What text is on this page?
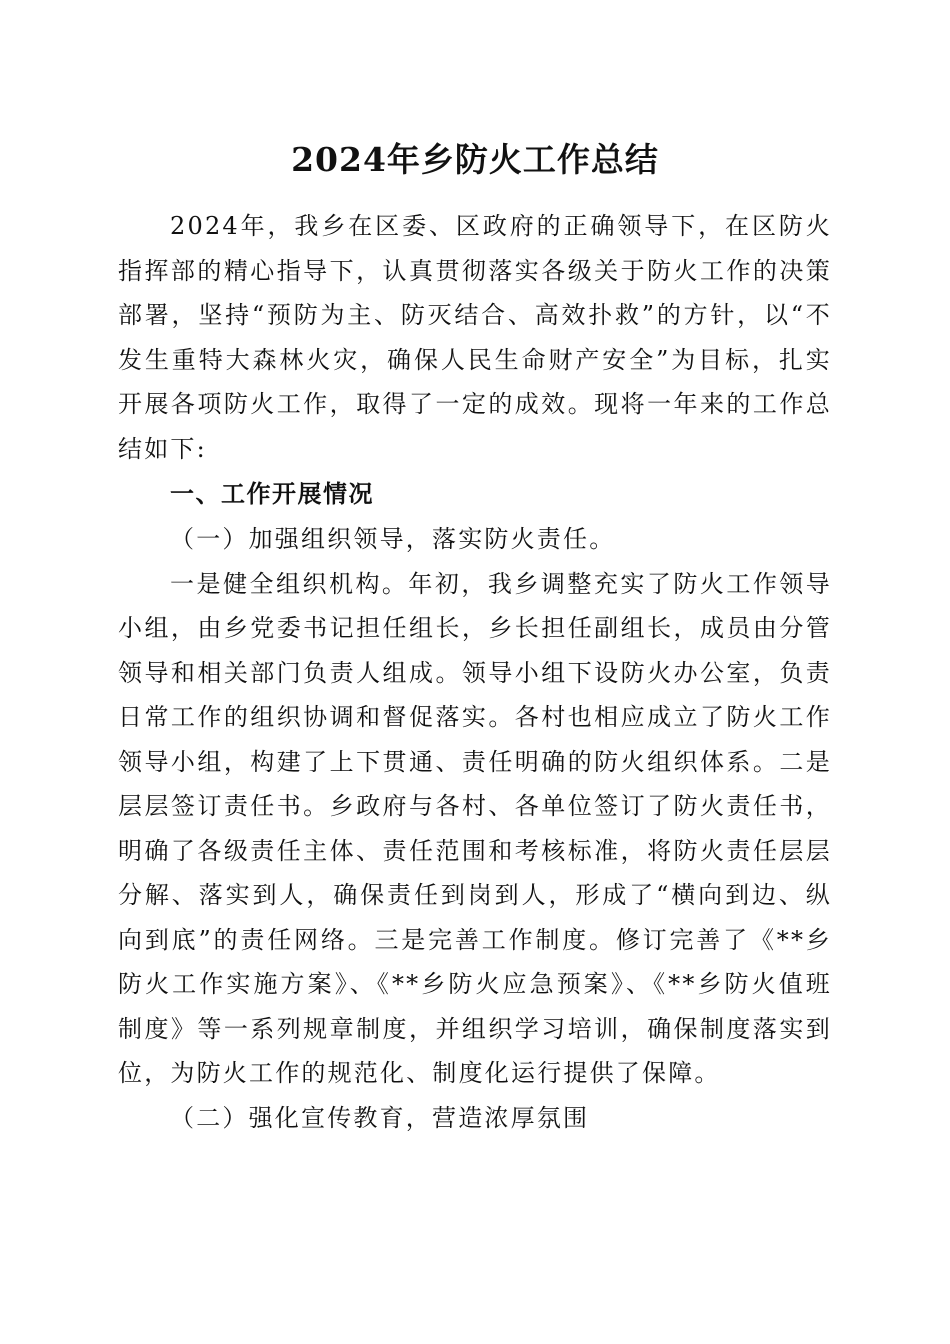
2024年乡防火工作总结

2024年，我乡在区委、区政府的正确领导下，在区防火指挥部的精心指导下，认真贯彻落实各级关于防火工作的决策部署，坚持“预防为主、防灭结合、高效扑救”的方针，以“不发生重特大森林火灾，确保人民生命财产安全”为目标，扎实开展各项防火工作，取得了一定的成效。现将一年来的工作总结如下:

一、工作开展情况

（一）加强组织领导，落实防火责任。

一是健全组织机构。年初，我乡调整充实了防火工作领导小组，由乡党委书记担任组长，乡长担任副组长，成员由分管领导和相关部门负责人组成。领导小组下设防火办公室，负责日常工作的组织协调和督促落实。各村也相应成立了防火工作领导小组，构建了上下贯通、责任明确的防火组织体系。二是层层签订责任书。乡政府与各村、各单位签订了防火责任书，明确了各级责任主体、责任范围和考核标准，将防火责任层层分解、落实到人，确保责任到岗到人，形成了“横向到边、纵向到底”的责任网络。三是完善工作制度。修订完善了《**乡防火工作实施方案》、《**乡防火应急预案》、《**乡防火值班制度》等一系列规章制度，并组织学习培训，确保制度落实到位，为防火工作的规范化、制度化运行提供了保障。

（二）强化宣传教育，营造浓厚氛围
